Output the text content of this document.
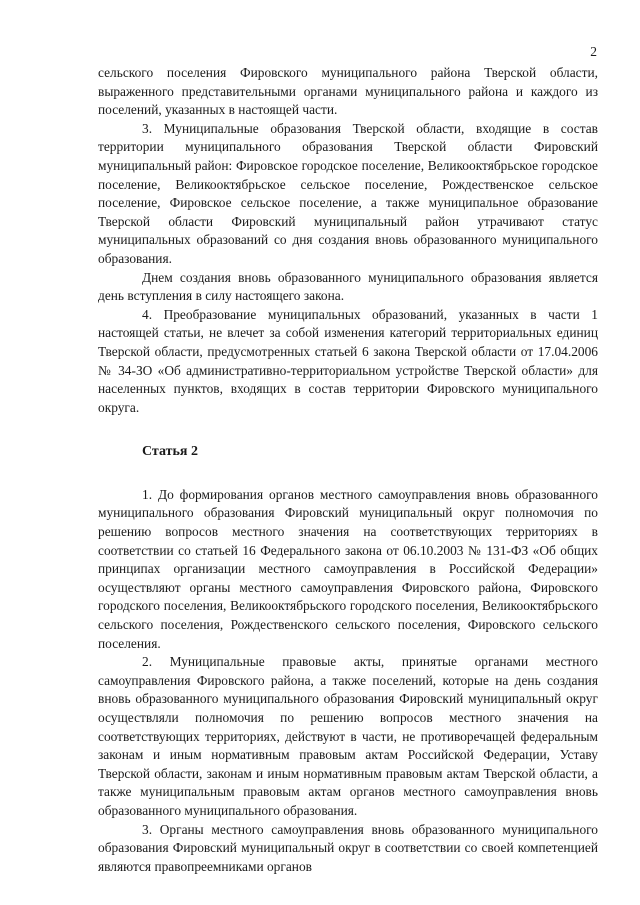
2

сельского поселения Фировского муниципального района Тверской области, выраженного представительными органами муниципального района и каждого из поселений, указанных в настоящей части.

3. Муниципальные образования Тверской области, входящие в состав территории муниципального образования Тверской области Фировский муниципальный район: Фировское городское поселение, Великооктябрьское городское поселение, Великооктябрьское сельское поселение, Рождественское сельское поселение, Фировское сельское поселение, а также муниципальное образование Тверской области Фировский муниципальный район утрачивают статус муниципальных образований со дня создания вновь образованного муниципального образования.

Днем создания вновь образованного муниципального образования является день вступления в силу настоящего закона.

4. Преобразование муниципальных образований, указанных в части 1 настоящей статьи, не влечет за собой изменения категорий территориальных единиц Тверской области, предусмотренных статьей 6 закона Тверской области от 17.04.2006 № 34-ЗО «Об административно-территориальном устройстве Тверской области» для населенных пунктов, входящих в состав территории Фировского муниципального округа.

Статья 2

1. До формирования органов местного самоуправления вновь образованного муниципального образования Фировский муниципальный округ полномочия по решению вопросов местного значения на соответствующих территориях в соответствии со статьей 16 Федерального закона от 06.10.2003 № 131-ФЗ «Об общих принципах организации местного самоуправления в Российской Федерации» осуществляют органы местного самоуправления Фировского района, Фировского городского поселения, Великооктябрьского городского поселения, Великооктябрьского сельского поселения, Рождественского сельского поселения, Фировского сельского поселения.

2. Муниципальные правовые акты, принятые органами местного самоуправления Фировского района, а также поселений, которые на день создания вновь образованного муниципального образования Фировский муниципальный округ осуществляли полномочия по решению вопросов местного значения на соответствующих территориях, действуют в части, не противоречащей федеральным законам и иным нормативным правовым актам Российской Федерации, Уставу Тверской области, законам и иным нормативным правовым актам Тверской области, а также муниципальным правовым актам органов местного самоуправления вновь образованного муниципального образования.

3. Органы местного самоуправления вновь образованного муниципального образования Фировский муниципальный округ в соответствии со своей компетенцией являются правопреемниками органов
